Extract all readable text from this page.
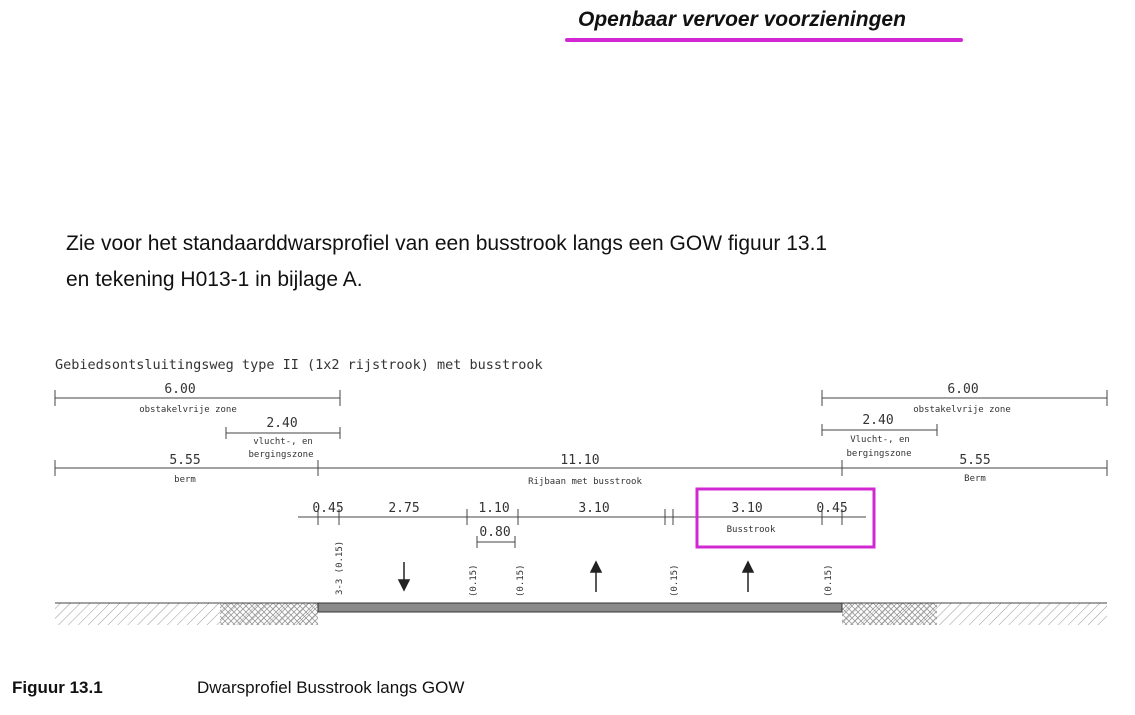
Openbaar vervoer voorzieningen
Zie voor het standaarddwarsprofiel van een busstrook langs een GOW figuur 13.1
en tekening H013-1 in bijlage A.
Gebiedsontsluitingsweg type II (1x2 rijstrook) met busstrook
6.00
obstakelvrije zone
2.40
vlucht-, en
bergingszone
5.55
berm
11.10
Rijbaan met busstrook
6.00
obstakelvrije zone
2.40
Vlucht-, en
bergingszone	5.55
Berm
0.45	2.75	1.10
0.80
3.10	3.10	0.45
Busstrook
3-3 (0.15)	(0.15)	(0.15)	(0.15)	(0.15)
Figuur 13.1	Dwarsprofiel Busstrook langs GOW
